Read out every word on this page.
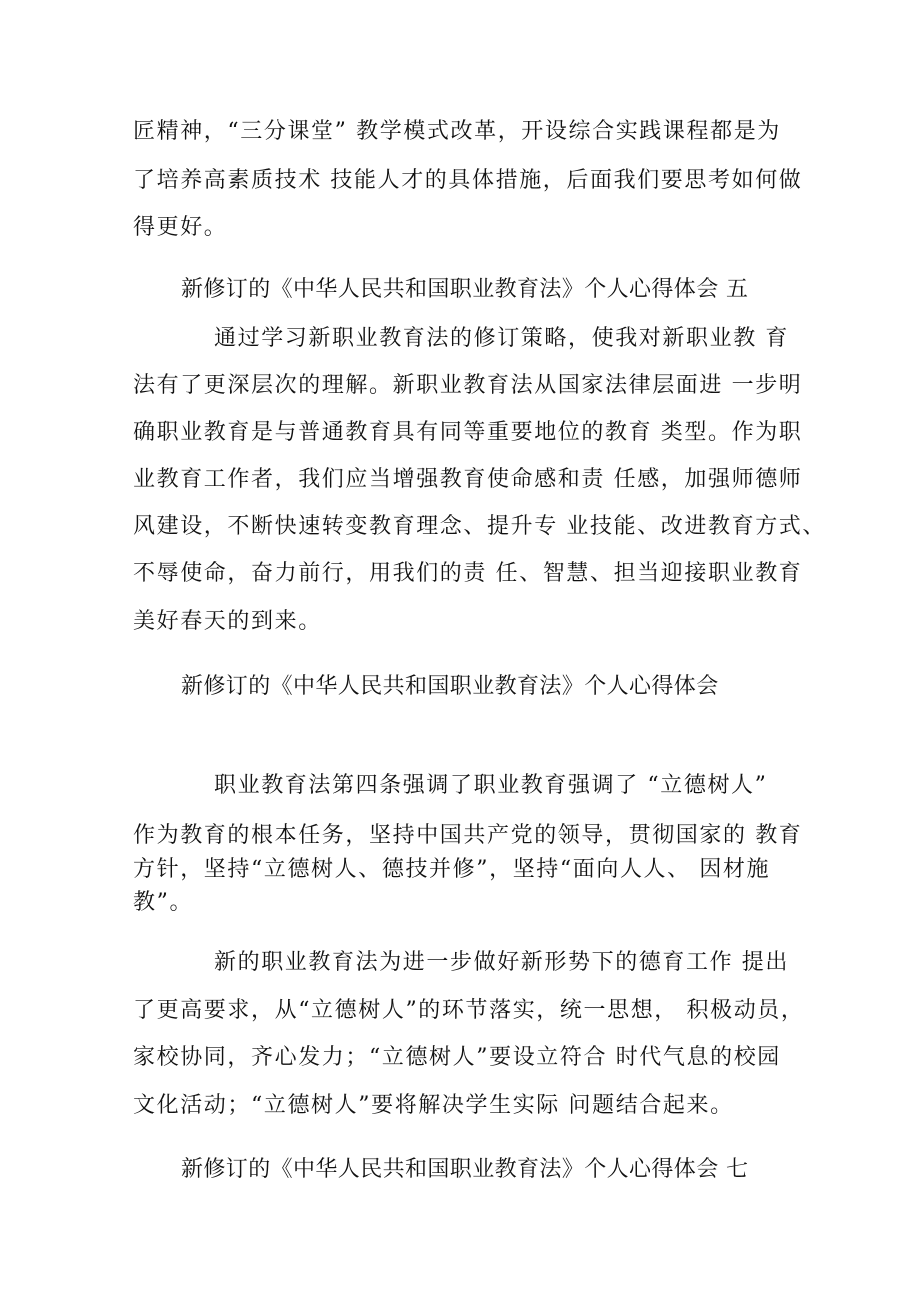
匠精神，“三分课堂” 教学模式改革，开设综合实践课程都是为
了培养高素质技术 技能人才的具体措施，后面我们要思考如何做
得更好。
新修订的《中华人民共和国职业教育法》个人心得体会 五
通过学习新职业教育法的修订策略，使我对新职业教 育
法有了更深层次的理解。新职业教育法从国家法律层面进 一步明
确职业教育是与普通教育具有同等重要地位的教育 类型。作为职
业教育工作者，我们应当增强教育使命感和责 任感，加强师德师
风建设，不断快速转变教育理念、提升专 业技能、改进教育方式、
不辱使命，奋力前行，用我们的责 任、智慧、担当迎接职业教育
美好春天的到来。
新修订的《中华人民共和国职业教育法》个人心得体会
职业教育法第四条强调了职业教育强调了 “立德树人”
作为教育的根本任务，坚持中国共产党的领导，贯彻国家的 教育
方针，坚持“立德树人、德技并修”，坚持“面向人人、 因材施
教”。
新的职业教育法为进一步做好新形势下的德育工作 提出
了更高要求，从“立德树人”的环节落实，统一思想， 积极动员，
家校协同，齐心发力；“立德树人”要设立符合 时代气息的校园
文化活动；“立德树人”要将解决学生实际 问题结合起来。
新修订的《中华人民共和国职业教育法》个人心得体会 七
